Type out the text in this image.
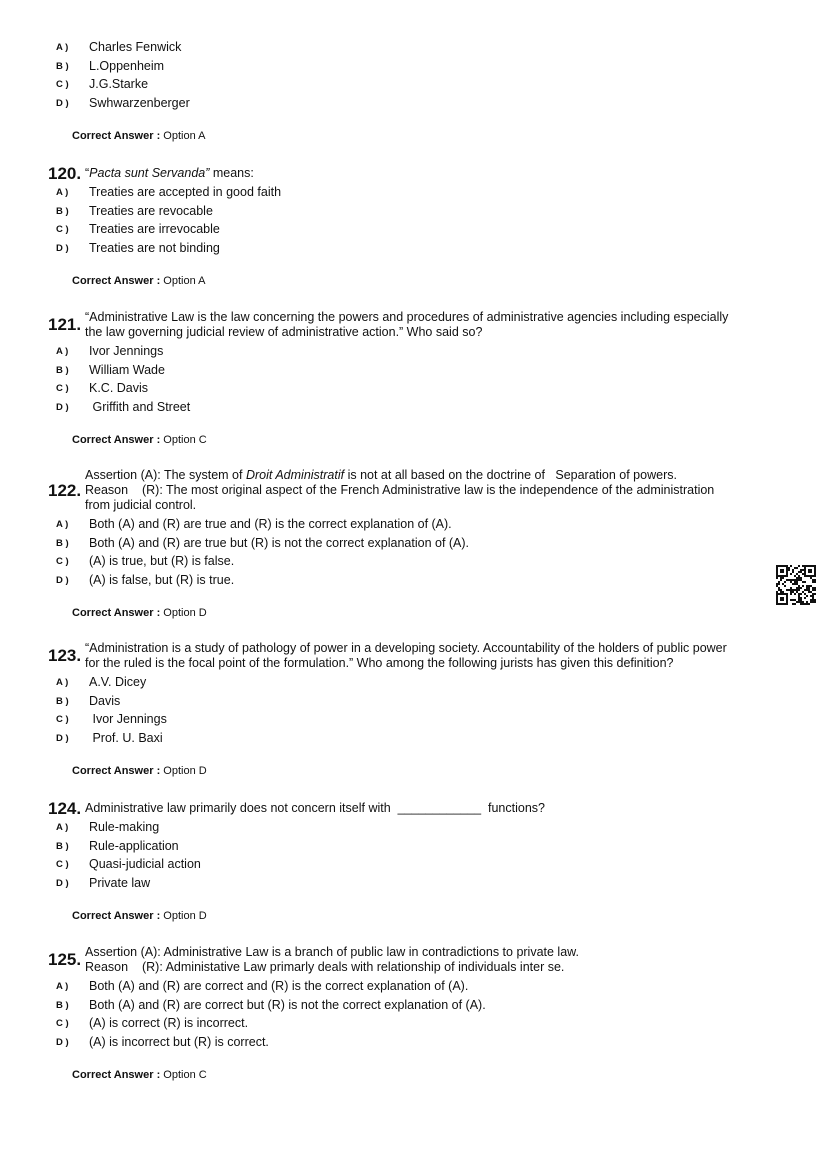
A ) Charles Fenwick
B ) L.Oppenheim
C ) J.G.Starke
D ) Swhwarzenberger
Correct Answer : Option A
120. “Pacta sunt Servanda” means:
A ) Treaties are accepted in good faith
B ) Treaties are revocable
C ) Treaties are irrevocable
D ) Treaties are not binding
Correct Answer : Option A
121. “Administrative Law is the law concerning the powers and procedures of administrative agencies including especially
the law governing judicial review of administrative action.” Who said so?
A ) Ivor Jennings
B ) William Wade
C ) K.C. Davis
D ) Griffith and Street
Correct Answer : Option C
122.
Assertion (A): The system of Droit Administratif is not at all based on the doctrine of   Separation of powers.
Reason    (R): The most original aspect of the French Administrative law is the independence of the administration
from judicial control.
A ) Both (A) and (R) are true and (R) is the correct explanation of (A).
B ) Both (A) and (R) are true but (R) is not the correct explanation of (A).
C ) (A) is true, but (R) is false.
D ) (A) is false, but (R) is true.
Correct Answer : Option D
123. “Administration is a study of pathology of power in a developing society. Accountability of the holders of public power
for the ruled is the focal point of the formulation.” Who among the following jurists has given this definition?
A ) A.V. Dicey
B ) Davis
C ) Ivor Jennings
D ) Prof. U. Baxi
Correct Answer : Option D
124. Administrative law primarily does not concern itself with  ____________  functions?
A ) Rule-making
B ) Rule-application
C ) Quasi-judicial action
D ) Private law
Correct Answer : Option D
125. Assertion (A): Administrative Law is a branch of public law in contradictions to private law.
Reason    (R): Administative Law primarly deals with relationship of individuals inter se.
A ) Both (A) and (R) are correct and (R) is the correct explanation of (A).
B ) Both (A) and (R) are correct but (R) is not the correct explanation of (A).
C ) (A) is correct (R) is incorrect.
D ) (A) is incorrect but (R) is correct.
Correct Answer : Option C
